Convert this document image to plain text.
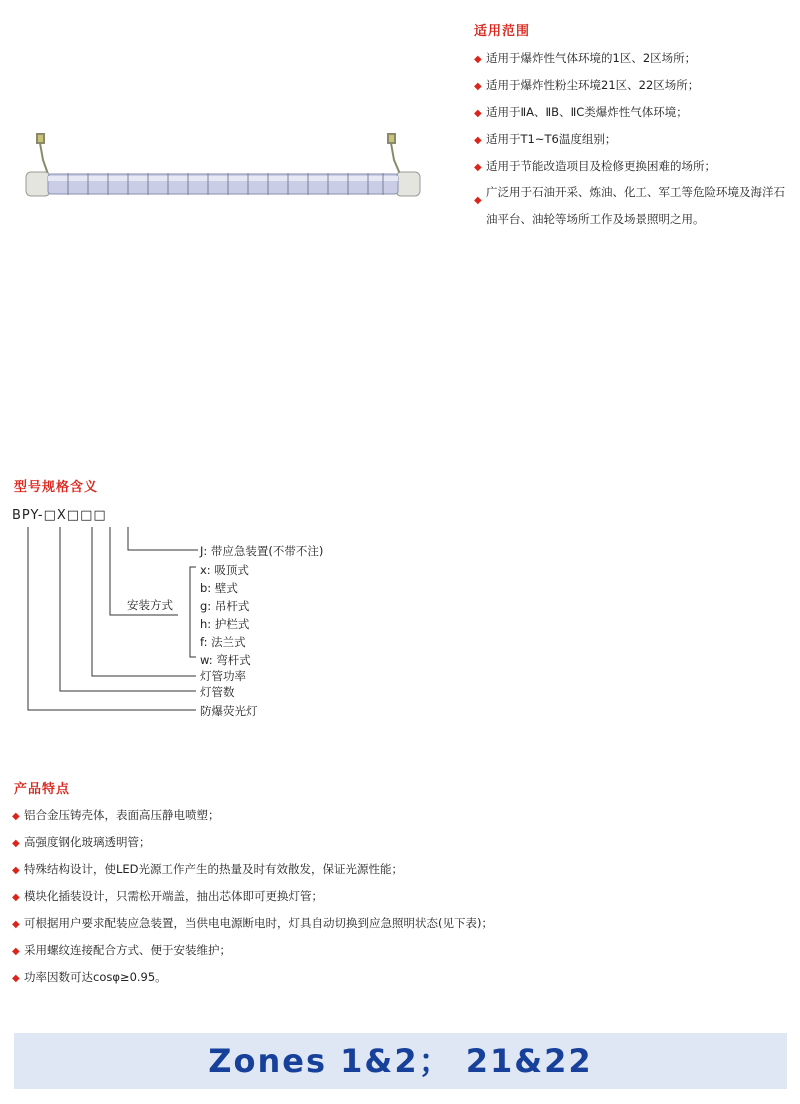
适用范围
◆ 适用于爆炸性气体环境的1区、2区场所；
◆ 适用于爆炸性粉尘环境21区、22区场所；
◆ 适用于ⅡA、ⅡB、ⅡC类爆炸性气体环境；
◆ 适用于T1~T6温度组别；
◆ 适用于节能改造项目及检修更换困难的场所；
◆
广泛用于石油开采、炼油、化工、军工等危险环境及海洋石油平台、油轮等场所工作及场景照明之用。
型号规格含义
BPY-□X□□□
J: 带应急装置(不带不注)
安装方式
x: 吸顶式
b: 壁式
g: 吊杆式
h: 护栏式
f: 法兰式
w: 弯杆式
灯管功率
灯管数
防爆荧光灯
产品特点
◆ 铝合金压铸壳体，表面高压静电喷塑；
◆ 高强度钢化玻璃透明管；
◆ 特殊结构设计，使LED光源工作产生的热量及时有效散发，保证光源性能；
◆ 模块化插装设计，只需松开端盖，抽出芯体即可更换灯管；
◆ 可根据用户要求配装应急装置，当供电电源断电时，灯具自动切换到应急照明状态(见下表)；
◆ 采用螺纹连接配合方式、便于安装维护；
◆ 功率因数可达cosφ≥0.95。
Zones 1&2； 21&22
